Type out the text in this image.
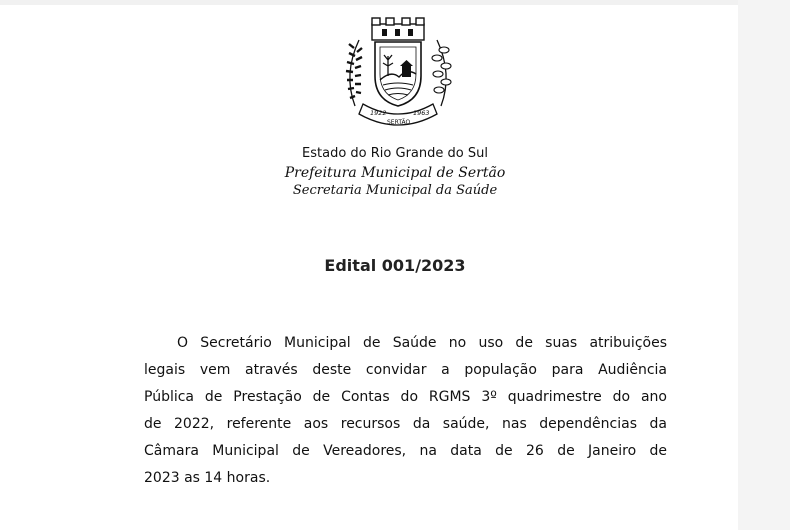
1922	1963
SERTÃO
Estado do Rio Grande do Sul
Prefeitura Municipal de Sertão
Secretaria Municipal da Saúde
Edital 001/2023
O Secretário Municipal de Saúde no uso de suas atribuições
legais vem através deste convidar a população para Audiência
Pública de Prestação de Contas do RGMS 3º quadrimestre do ano
de 2022, referente aos recursos da saúde, nas dependências da
Câmara Municipal de Vereadores, na data de 26 de Janeiro de
2023 as 14 horas.
